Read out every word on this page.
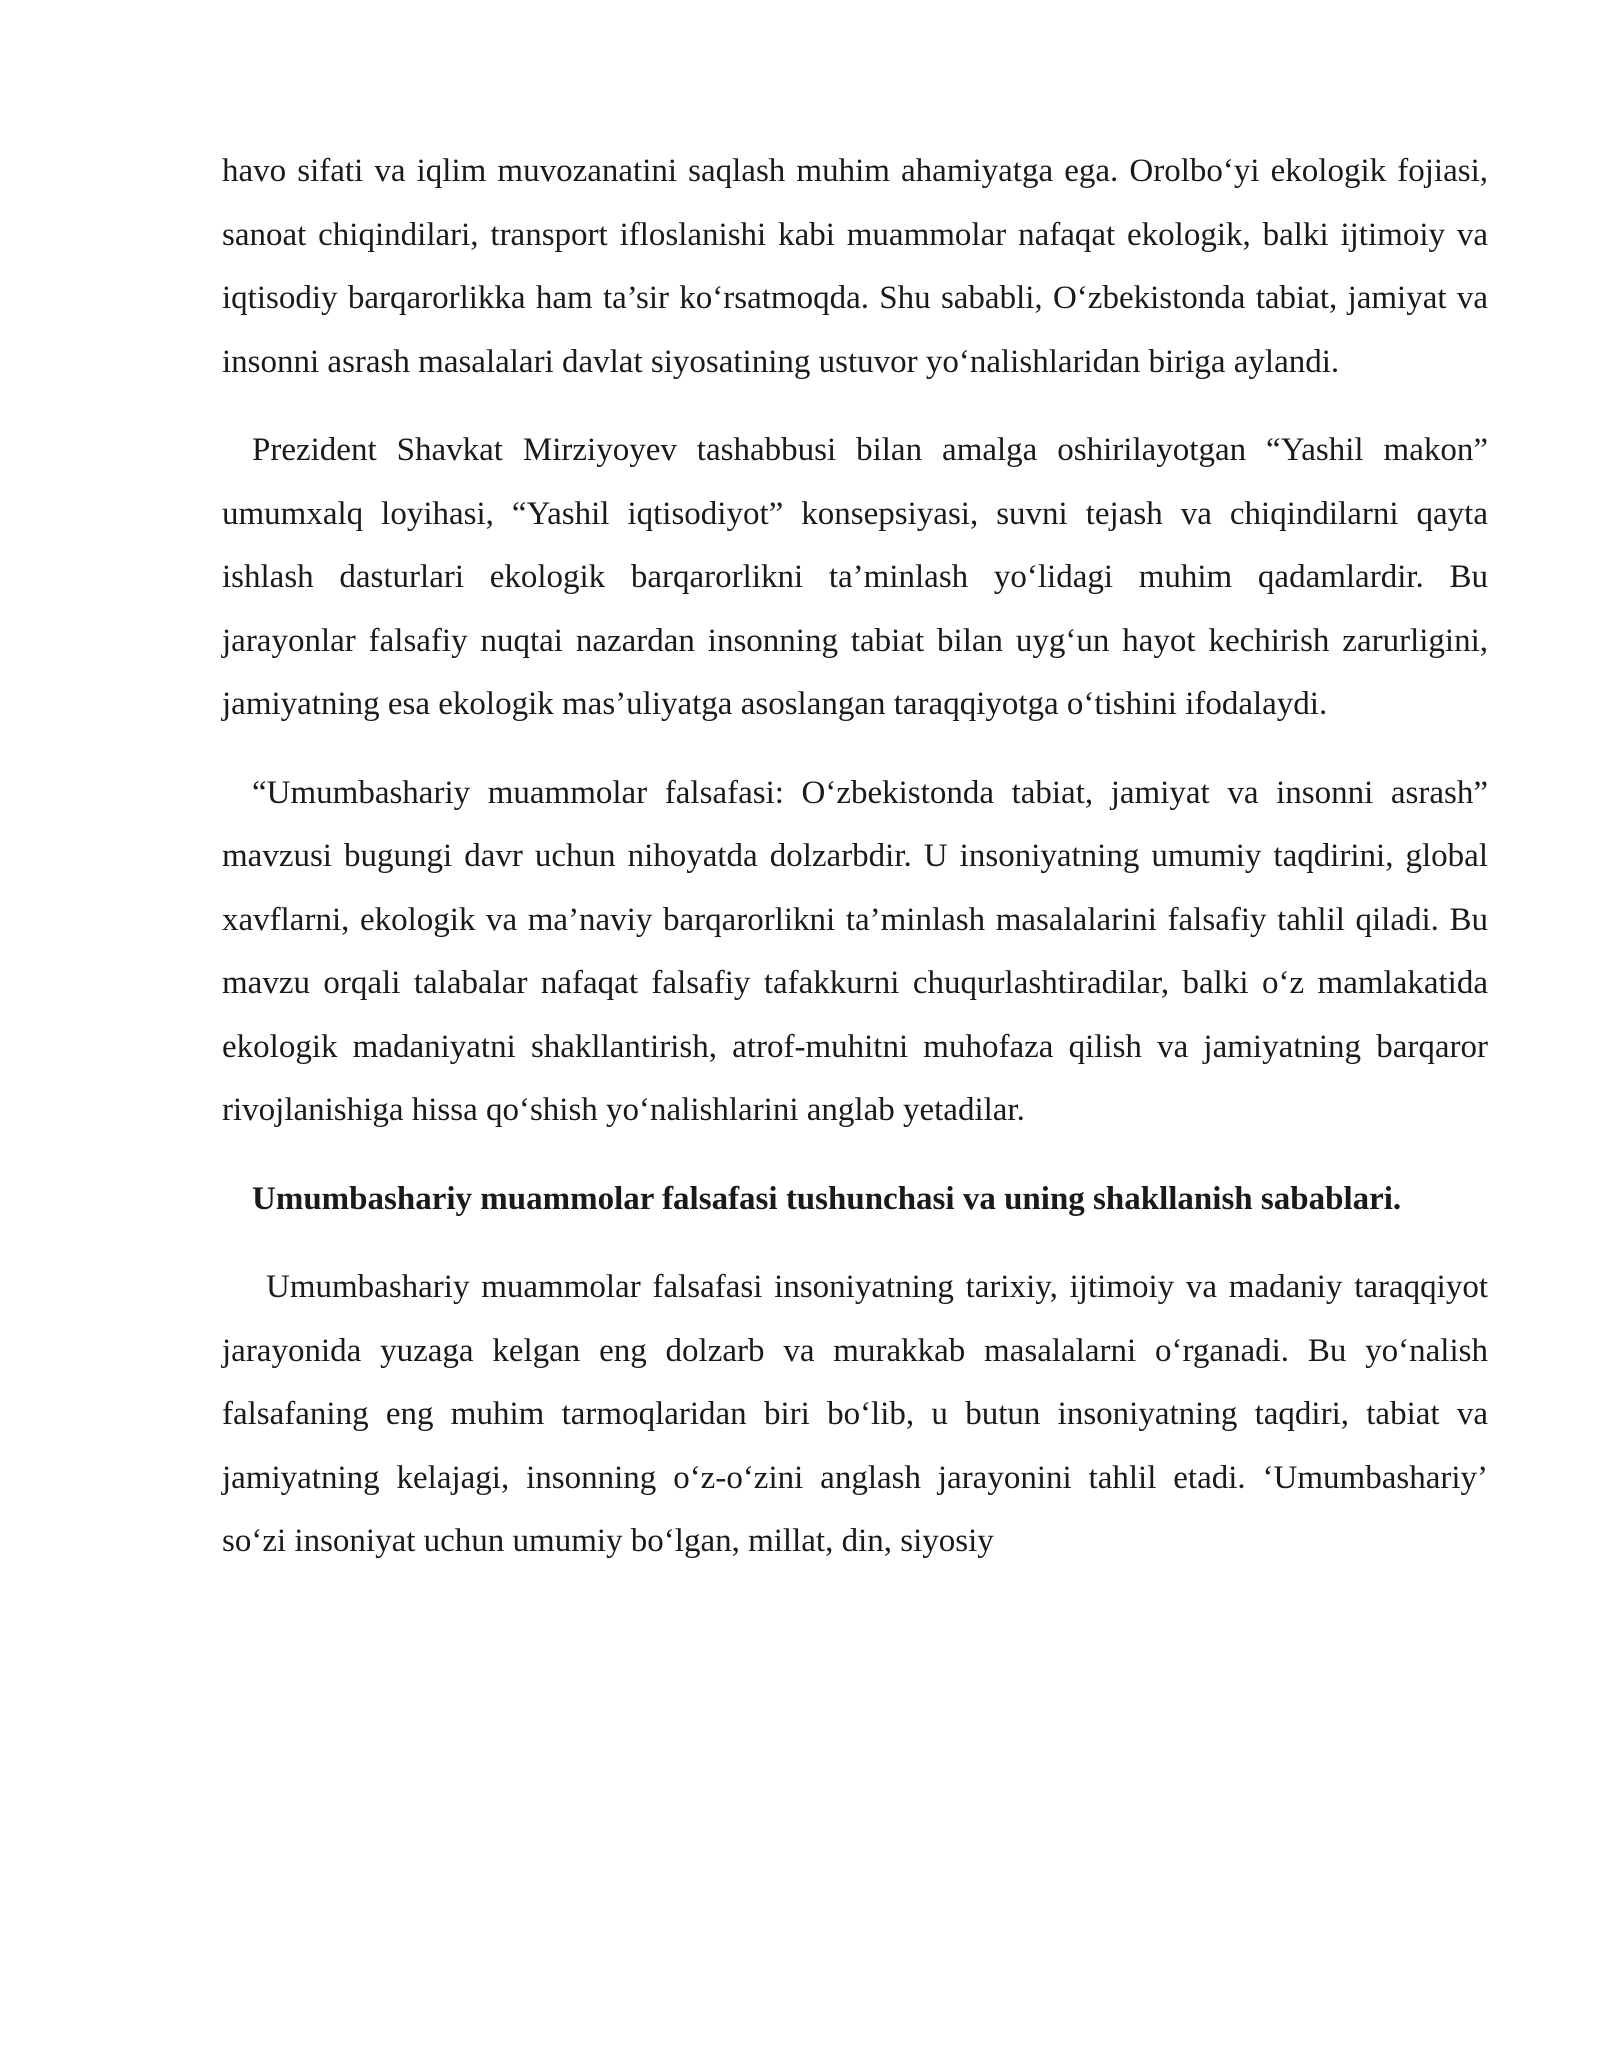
havo sifati va iqlim muvozanatini saqlash muhim ahamiyatga ega. Orolbo‘yi ekologik fojiasi, sanoat chiqindilari, transport ifloslanishi kabi muammolar nafaqat ekologik, balki ijtimoiy va iqtisodiy barqarorlikka ham ta’sir ko‘rsatmoqda. Shu sababli, O‘zbekistonda tabiat, jamiyat va insonni asrash masalalari davlat siyosatining ustuvor yo‘nalishlaridan biriga aylandi.

Prezident Shavkat Mirziyoyev tashabbusi bilan amalga oshirilayotgan “Yashil makon” umumxalq loyihasi, “Yashil iqtisodiyot” konsepsiyasi, suvni tejash va chiqindilarni qayta ishlash dasturlari ekologik barqarorlikni ta’minlash yo‘lidagi muhim qadamlardir. Bu jarayonlar falsafiy nuqtai nazardan insonning tabiat bilan uyg‘un hayot kechirish zarurligini, jamiyatning esa ekologik mas’uliyatga asoslangan taraqqiyotga o‘tishini ifodalaydi.

“Umumbashariy muammolar falsafasi: O‘zbekistonda tabiat, jamiyat va insonni asrash” mavzusi bugungi davr uchun nihoyatda dolzarbdir. U insoniyatning umumiy taqdirini, global xavflarni, ekologik va ma’naviy barqarorlikni ta’minlash masalalarini falsafiy tahlil qiladi. Bu mavzu orqali talabalar nafaqat falsafiy tafakkurni chuqurlashtiradilar, balki o‘z mamlakatida ekologik madaniyatni shakllantirish, atrof-muhitni muhofaza qilish va jamiyatning barqaror rivojlanishiga hissa qo‘shish yo‘nalishlarini anglab yetadilar.

Umumbashariy muammolar falsafasi tushunchasi va uning shakllanish sabablari.

Umumbashariy muammolar falsafasi insoniyatning tarixiy, ijtimoiy va madaniy taraqqiyot jarayonida yuzaga kelgan eng dolzarb va murakkab masalalarni o‘rganadi. Bu yo‘nalish falsafaning eng muhim tarmoqlaridan biri bo‘lib, u butun insoniyatning taqdiri, tabiat va jamiyatning kelajagi, insonning o‘z-o‘zini anglash jarayonini tahlil etadi. ‘Umumbashariy’ so‘zi insoniyat uchun umumiy bo‘lgan, millat, din, siyosiy
